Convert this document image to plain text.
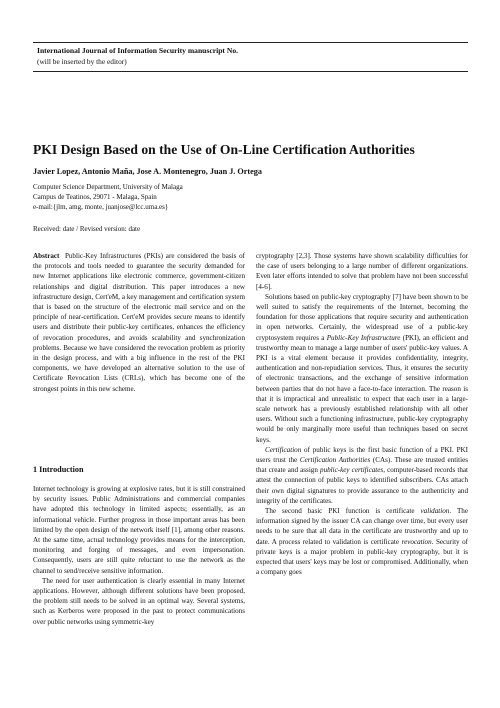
International Journal of Information Security manuscript No.
(will be inserted by the editor)
PKI Design Based on the Use of On-Line Certification Authorities
Javier Lopez, Antonio Maña, Jose A. Montenegro, Juan J. Ortega
Computer Science Department, University of Malaga
Campus de Teatinos, 29071 - Malaga, Spain
e-mail:{jlm, amg, monte, juanjose@lcc.uma.es}
Received: date / Revised version: date

Abstract Public-Key Infrastructures (PKIs) are considered the basis of the protocols and tools needed to guarantee the security demanded for new Internet applications like electronic commerce, government-citizen relationships and digital distribution. This paper introduces a new infrastructure design, Cert'eM, a key management and certification system that is based on the structure of the electronic mail service and on the principle of near-certification. Cert'eM provides secure means to identify users and distribute their public-key certificates, enhances the efficiency of revocation procedures, and avoids scalability and synchronization problems. Because we have considered the revocation problem as priority in the design process, and with a big influence in the rest of the PKI components, we have developed an alternative solution to the use of Certificate Revocation Lists (CRLs), which has become one of the strongest points in this new scheme.

1 Introduction

Internet technology is growing at explosive rates, but it is still constrained by security issues. Public Administrations and commercial companies have adopted this technology in limited aspects; essentially, as an informational vehicle. Further progress in those important areas has been limited by the open design of the network itself [1], among other reasons. At the same time, actual technology provides means for the interception, monitoring and forging of messages, and even impersonation. Consequently, users are still quite reluctant to use the network as the channel to send/receive sensitive information.

The need for user authentication is clearly essential in many Internet applications. However, although different solutions have been proposed, the problem still needs to be solved in an optimal way. Several systems, such as Kerberos were proposed in the past to protect communications over public networks using symmetric-key

cryptography [2,3]. Those systems have shown scalability difficulties for the case of users belonging to a large number of different organizations. Even later efforts intended to solve that problem have not been successful [4-6].

Solutions based on public-key cryptography [7] have been shown to be well suited to satisfy the requirements of the Internet, becoming the foundation for those applications that require security and authentication in open networks. Certainly, the widespread use of a public-key cryptosystem requires a Public-Key Infrastructure (PKI), an efficient and trustworthy mean to manage a large number of users' public-key values. A PKI is a vital element because it provides confidentiality, integrity, authentication and non-repudiation services. Thus, it ensures the security of electronic transactions, and the exchange of sensitive information between parties that do not have a face-to-face interaction. The reason is that it is impractical and unrealistic to expect that each user in a large-scale network has a previously established relationship with all other users. Without such a functioning infrastructure, public-key cryptography would be only marginally more useful than techniques based on secret keys.

Certification of public keys is the first basic function of a PKI. PKI users trust the Certification Authorities (CAs). These are trusted entities that create and assign public-key certificates, computer-based records that attest the connection of public keys to identified subscribers. CAs attach their own digital signatures to provide assurance to the authenticity and integrity of the certificates.

The second basic PKI function is certificate validation. The information signed by the issuer CA can change over time, but every user needs to be sure that all data in the certificate are trustworthy and up to date. A process related to validation is certificate revocation. Security of private keys is a major problem in public-key cryptography, but it is expected that users' keys may be lost or compromised. Additionally, when a company goes
